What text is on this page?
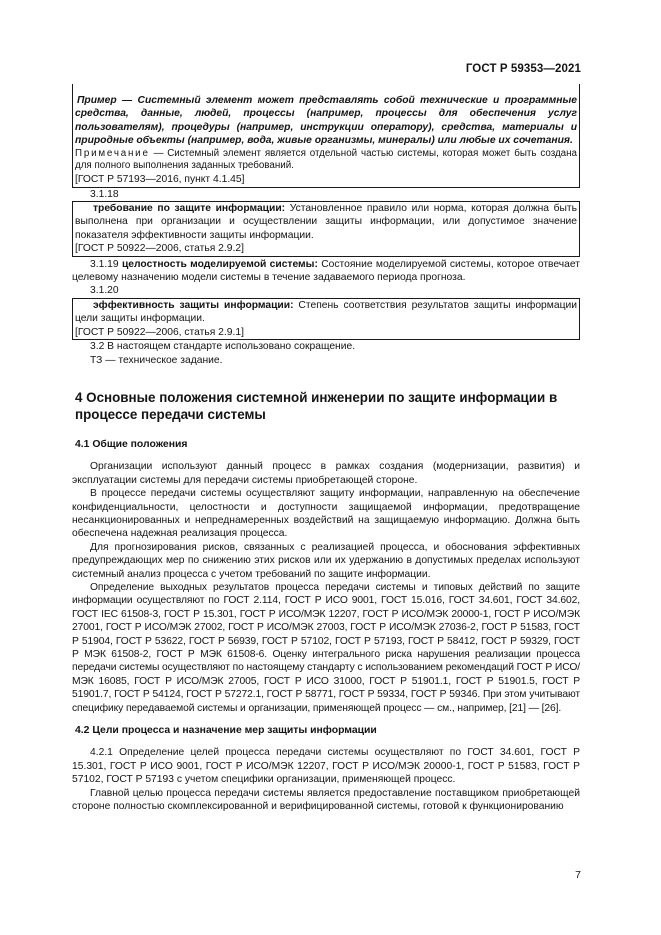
ГОСТ Р 59353—2021

Пример — Системный элемент может представлять собой технические и программные средства, данные, людей, процессы (например, процессы для обеспечения услуг пользователям), процедуры (например, инструкции оператору), средства, материалы и природные объекты (например, вода, живые организмы, минералы) или любые их сочетания.

Примечание — Системный элемент является отдельной частью системы, которая может быть создана для полного выполнения заданных требований.

[ГОСТ Р 57193—2016, пункт 4.1.45]

3.1.18

требование по защите информации: Установленное правило или норма, которая должна быть выполнена при организации и осуществлении защиты информации, или допустимое значение показателя эффективности защиты информации.

[ГОСТ Р 50922—2006, статья 2.9.2]

3.1.19 целостность моделируемой системы: Состояние моделируемой системы, которое отвечает целевому назначению модели системы в течение задаваемого периода прогноза.

3.1.20

эффективность защиты информации: Степень соответствия результатов защиты информации цели защиты информации.

[ГОСТ Р 50922—2006, статья 2.9.1]

3.2 В настоящем стандарте использовано сокращение.

ТЗ — техническое задание.

4 Основные положения системной инженерии по защите информации в процессе передачи системы
4.1 Общие положения

Организации используют данный процесс в рамках создания (модернизации, развития) и эксплуатации системы для передачи системы приобретающей стороне.

В процессе передачи системы осуществляют защиту информации, направленную на обеспечение конфиденциальности, целостности и доступности защищаемой информации, предотвращение несанкционированных и непреднамеренных воздействий на защищаемую информацию. Должна быть обеспечена надежная реализация процесса.

Для прогнозирования рисков, связанных с реализацией процесса, и обоснования эффективных предупреждающих мер по снижению этих рисков или их удержанию в допустимых пределах используют системный анализ процесса с учетом требований по защите информации.

Определение выходных результатов процесса передачи системы и типовых действий по защите информации осуществляют по ГОСТ 2.114, ГОСТ Р ИСО 9001, ГОСТ 15.016, ГОСТ 34.601, ГОСТ 34.602, ГОСТ IEC 61508-3, ГОСТ Р 15.301, ГОСТ Р ИСО/МЭК 12207, ГОСТ Р ИСО/МЭК 20000-1, ГОСТ Р ИСО/МЭК 27001, ГОСТ Р ИСО/МЭК 27002, ГОСТ Р ИСО/МЭК 27003, ГОСТ Р ИСО/МЭК 27036-2, ГОСТ Р 51583, ГОСТ Р 51904, ГОСТ Р 53622, ГОСТ Р 56939, ГОСТ Р 57102, ГОСТ Р 57193, ГОСТ Р 58412, ГОСТ Р 59329, ГОСТ Р МЭК 61508-2, ГОСТ Р МЭК 61508-6. Оценку интегрального риска нарушения реализации процесса передачи системы осуществляют по настоящему стандарту с использованием рекомендаций ГОСТ Р ИСО/МЭК 16085, ГОСТ Р ИСО/МЭК 27005, ГОСТ Р ИСО 31000, ГОСТ Р 51901.1, ГОСТ Р 51901.5, ГОСТ Р 51901.7, ГОСТ Р 54124, ГОСТ Р 57272.1, ГОСТ Р 58771, ГОСТ Р 59334, ГОСТ Р 59346. При этом учитывают специфику передаваемой системы и организации, применяющей процесс — см., например, [21] — [26].

4.2 Цели процесса и назначение мер защиты информации

4.2.1 Определение целей процесса передачи системы осуществляют по ГОСТ 34.601, ГОСТ Р 15.301, ГОСТ Р ИСО 9001, ГОСТ Р ИСО/МЭК 12207, ГОСТ Р ИСО/МЭК 20000-1, ГОСТ Р 51583, ГОСТ Р 57102, ГОСТ Р 57193 с учетом специфики организации, применяющей процесс.

Главной целью процесса передачи системы является предоставление поставщиком приобретающей стороне полностью скомплексированной и верифицированной системы, готовой к функционированию

7
